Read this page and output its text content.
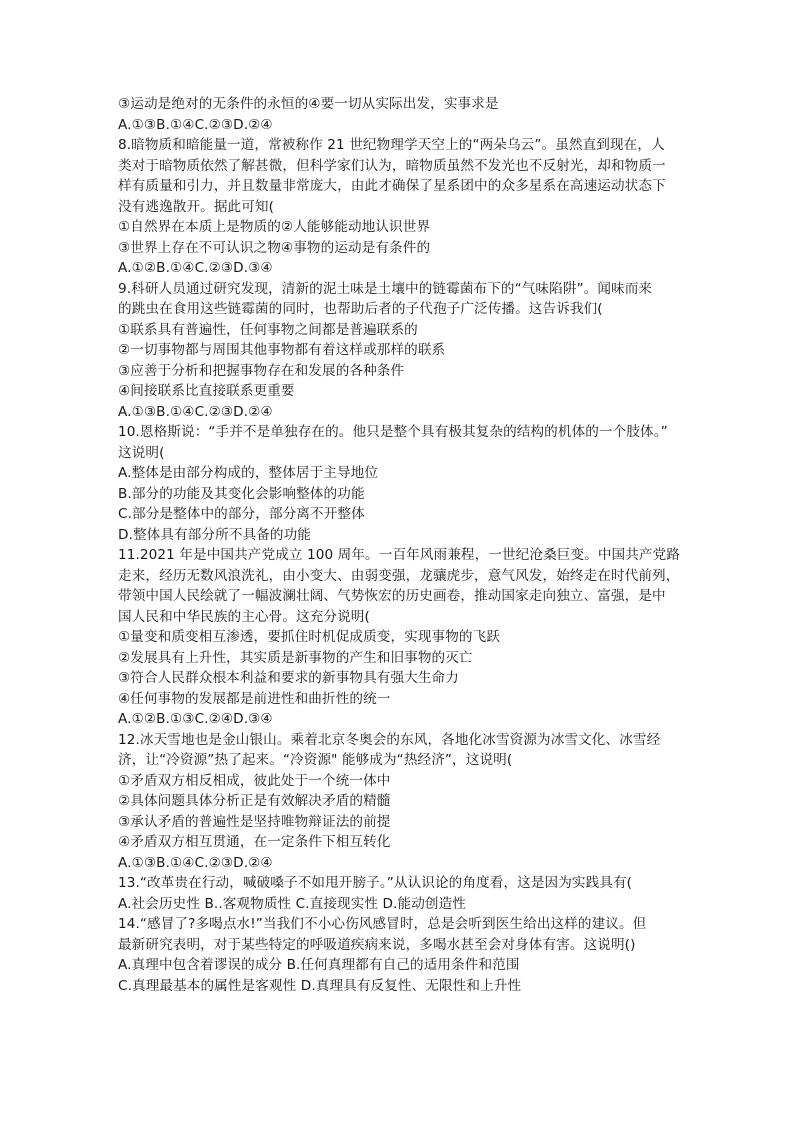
③运动是绝对的无条件的永恒的④要一切从实际出发，实事求是
A.①③B.①④C.②③D.②④
8.暗物质和暗能量一道，常被称作 21 世纪物理学天空上的“两朵乌云”。虽然直到现在，人
类对于暗物质依然了解甚微，但科学家们认为，暗物质虽然不发光也不反射光，却和物质一
样有质量和引力，并且数量非常庞大，由此才确保了星系团中的众多星系在高速运动状态下
没有逃逸散开。据此可知(
①自然界在本质上是物质的②人能够能动地认识世界
③世界上存在不可认识之物④事物的运动是有条件的
A.①②B.①④C.②③D.③④
9.科研人员通过研究发现，清新的泥土味是土壤中的链霉菌布下的“气味陷阱”。闻味而来
的跳虫在食用这些链霉菌的同时，也帮助后者的子代孢子广泛传播。这告诉我们(
①联系具有普遍性，任何事物之间都是普遍联系的
②一切事物都与周围其他事物都有着这样或那样的联系
③应善于分析和把握事物存在和发展的各种条件
④间接联系比直接联系更重要
A.①③B.①④C.②③D.②④
10.恩格斯说：“手并不是单独存在的。他只是整个具有极其复杂的结构的机体的一个肢体。”
这说明(
A.整体是由部分构成的，整体居于主导地位
B.部分的功能及其变化会影响整体的功能
C.部分是整体中的部分，部分离不开整体
D.整体具有部分所不具备的功能
11.2021 年是中国共产党成立 100 周年。一百年风雨兼程，一世纪沧桑巨变。中国共产党路
走来，经历无数风浪洗礼，由小变大、由弱变强，龙骧虎步，意气风发，始终走在时代前列，
带领中国人民绘就了一幅波澜壮阔、气势恢宏的历史画卷，推动国家走向独立、富强，是中
国人民和中华民族的主心骨。这充分说明(
①量变和质变相互渗透，要抓住时机促成质变，实现事物的飞跃
②发展具有上升性，其实质是新事物的产生和旧事物的灭亡
③符合人民群众根本利益和要求的新事物具有强大生命力
④任何事物的发展都是前进性和曲折性的统一
A.①②B.①③C.②④D.③④
12.冰天雪地也是金山银山。乘着北京冬奥会的东风，各地化冰雪资源为冰雪文化、冰雪经
济，让“冷资源”热了起来。“冷资源" 能够成为“热经济”，这说明(
①矛盾双方相反相成，彼此处于一个统一体中
②具体问题具体分析正是有效解决矛盾的精髓
③承认矛盾的普遍性是坚持唯物辩证法的前提
④矛盾双方相互贯通，在一定条件下相互转化
A.①③B.①④C.②③D.②④
13.“改革贵在行动，喊破嗓子不如甩开膀子。”从认识论的角度看，这是因为实践具有(
A.社会历史性 B..客观物质性 C.直接现实性 D.能动创造性
14.“感冒了?多喝点水!”当我们不小心伤风感冒时，总是会听到医生给出这样的建议。但
最新研究表明，对于某些特定的呼吸道疾病来说，多喝水甚至会对身体有害。这说明()
A.真理中包含着谬误的成分 B.任何真理都有自己的适用条件和范围
C.真理最基本的属性是客观性 D.真理具有反复性、无限性和上升性
